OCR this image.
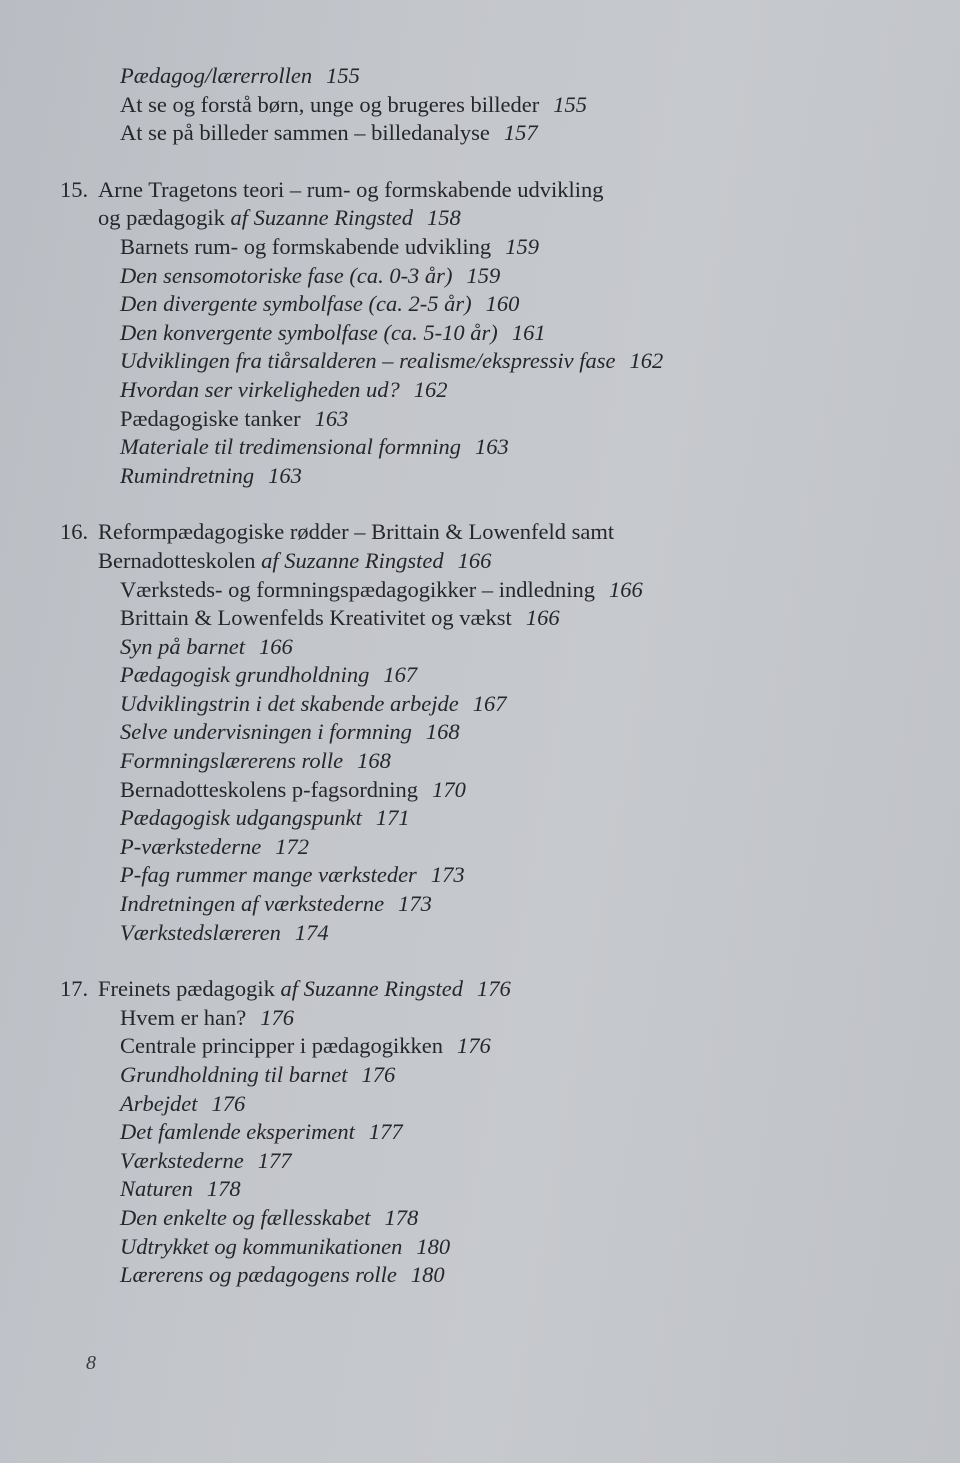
Pædagog/lærerrollen 155
At se og forstå børn, unge og brugeres billeder 155
At se på billeder sammen – billedanalyse 157
15. Arne Tragetons teori – rum- og formskabende udvikling
og pædagogik af Suzanne Ringsted 158
Barnets rum- og formskabende udvikling 159
Den sensomotoriske fase (ca. 0-3 år) 159
Den divergente symbolfase (ca. 2-5 år) 160
Den konvergente symbolfase (ca. 5-10 år) 161
Udviklingen fra tiårsalderen – realisme/ekspressiv fase 162
Hvordan ser virkeligheden ud? 162
Pædagogiske tanker 163
Materiale til tredimensional formning 163
Rumindretning 163
16. Reformpædagogiske rødder – Brittain & Lowenfeld samt
Bernadotteskolen af Suzanne Ringsted 166
Værksteds- og formningspædagogikker – indledning 166
Brittain & Lowenfelds Kreativitet og vækst 166
Syn på barnet 166
Pædagogisk grundholdning 167
Udviklingstrin i det skabende arbejde 167
Selve undervisningen i formning 168
Formningslærerens rolle 168
Bernadotteskolens p-fagsordning 170
Pædagogisk udgangspunkt 171
P-værkstederne 172
P-fag rummer mange værksteder 173
Indretningen af værkstederne 173
Værkstedslæreren 174
17. Freinets pædagogik af Suzanne Ringsted 176
Hvem er han? 176
Centrale principper i pædagogikken 176
Grundholdning til barnet 176
Arbejdet 176
Det famlende eksperiment 177
Værkstederne 177
Naturen 178
Den enkelte og fællesskabet 178
Udtrykket og kommunikationen 180
Lærerens og pædagogens rolle 180
8
